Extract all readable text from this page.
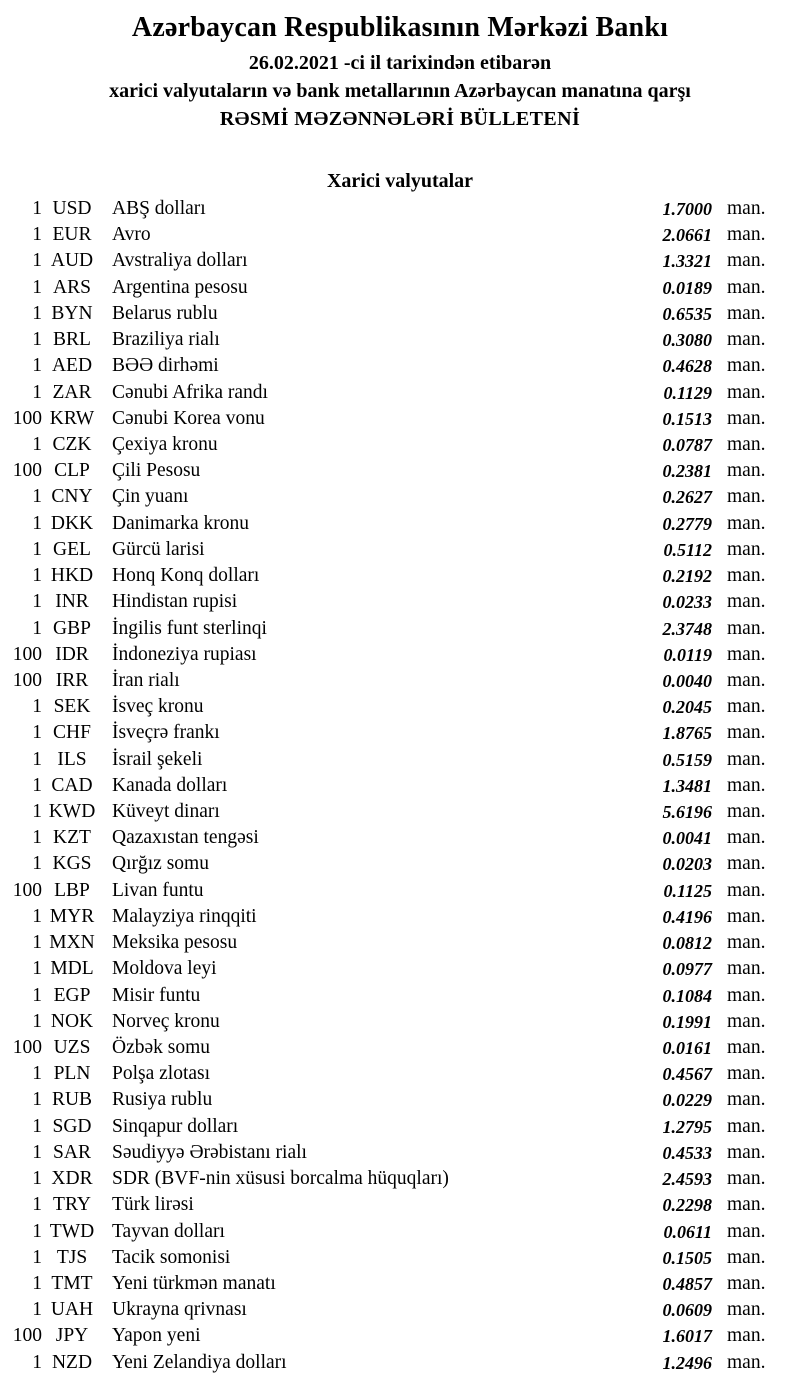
Azərbaycan Respublikasının Mərkəzi Bankı
26.02.2021 -ci il tarixindən etibarən
xarici valyutaların və bank metallarının Azərbaycan manatına qarşı
RƏSMİ MƏZƏNNƏLƏRİ BÜLLETENİ
Xarici valyutalar
1 USD	ABŞ dolları	1.7000 man.
1 EUR	Avro	2.0661 man.
1 AUD Avstraliya dolları	1.3321 man.
1 ARS	Argentina pesosu	0.0189 man.
1 BYN Belarus rublu	0.6535 man.
1 BRL	Braziliya rialı	0.3080 man.
1 AED	BƏƏ dirhəmi	0.4628 man.
1 ZAR	Cənubi Afrika randı	0.1129 man.
100 KRW Cənubi Korea vonu	0.1513 man.
1 CZK	Çexiya kronu	0.0787 man.
100 CLP	Çili Pesosu	0.2381 man.
1 CNY Çin yuanı	0.2627 man.
1 DKK Danimarka kronu	0.2779 man.
1 GEL	Gürcü larisi	0.5112 man.
1 HKD Honq Konq dolları	0.2192 man.
1 INR	Hindistan rupisi	0.0233 man.
1 GBP	İngilis funt sterlinqi	2.3748 man.
100 IDR	İndoneziya rupiası	0.0119 man.
100 IRR	İran rialı	0.0040 man.
1 SEK	İsveç kronu	0.2045 man.
1 CHF	İsveçrə frankı	1.8765 man.
1 ILS	İsrail şekeli	0.5159 man.
1 CAD Kanada dolları	1.3481 man.
1 KWD Küveyt dinarı	5.6196 man.
1 KZT	Qazaxıstan tengəsi	0.0041 man.
1 KGS	Qırğız somu	0.0203 man.
100 LBP	Livan funtu	0.1125 man.
1 MYR Malayziya rinqqiti	0.4196 man.
1 MXN Meksika pesosu	0.0812 man.
1 MDL Moldova leyi	0.0977 man.
1 EGP	Misir funtu	0.1084 man.
1 NOK Norveç kronu	0.1991 man.
100 UZS	Özbək somu	0.0161 man.
1 PLN	Polşa zlotası	0.4567 man.
1 RUB	Rusiya rublu	0.0229 man.
1 SGD	Sinqapur dolları	1.2795 man.
1 SAR	Səudiyyə Ərəbistanı rialı	0.4533 man.
1 XDR SDR (BVF-nin xüsusi borcalma hüquqları)	2.4593 man.
1 TRY	Türk lirəsi	0.2298 man.
1 TWD Tayvan dolları	0.0611 man.
1 TJS	Tacik somonisi	0.1505 man.
1 TMT Yeni türkmən manatı	0.4857 man.
1 UAH Ukrayna qrivnası	0.0609 man.
100 JPY	Yapon yeni	1.6017 man.
1 NZD	Yeni Zelandiya dolları	1.2496 man.
